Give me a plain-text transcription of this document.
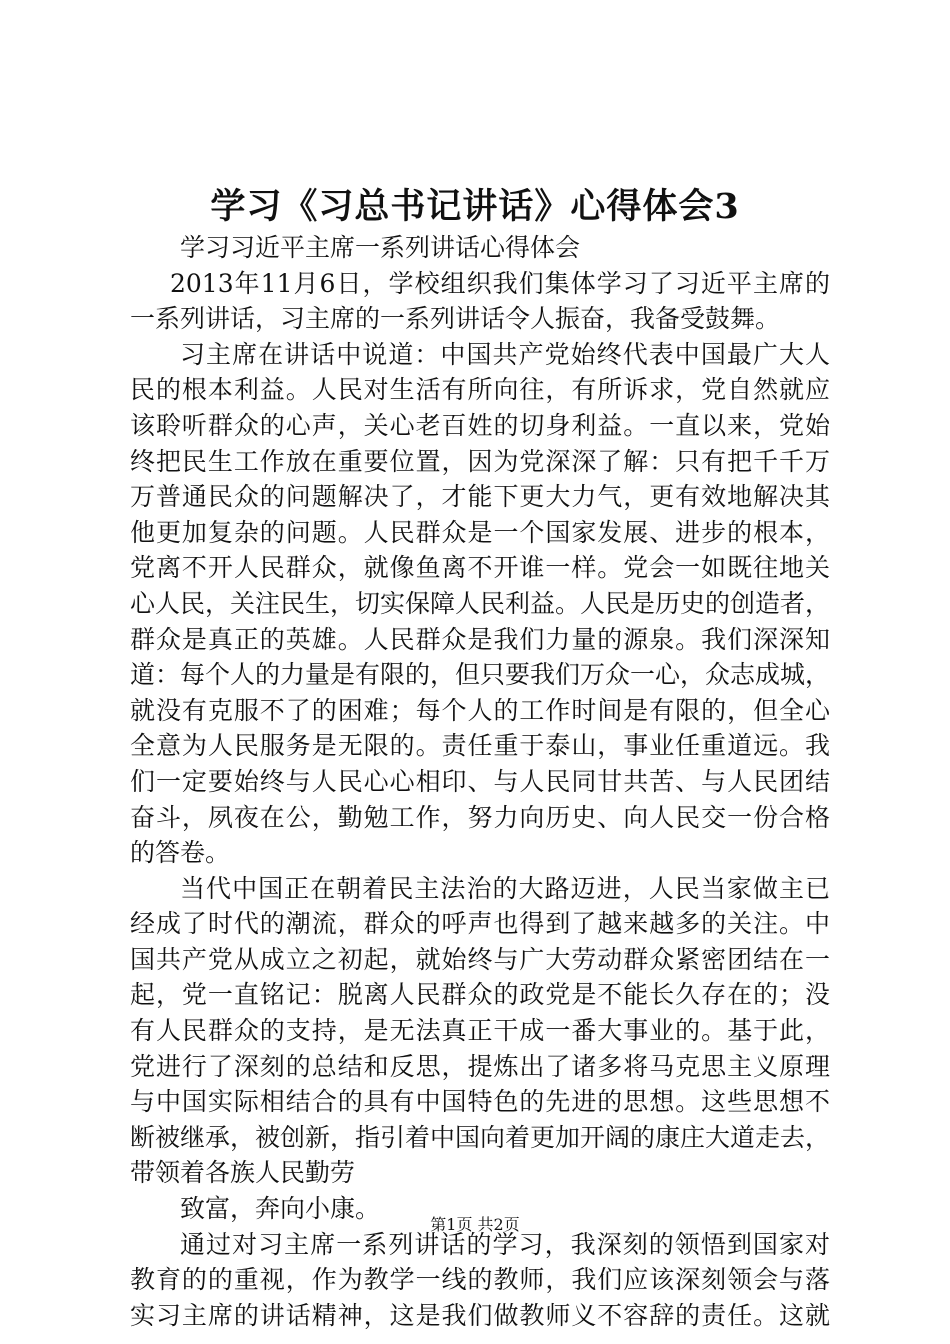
学习《习总书记讲话》心得体会3
学习习近平主席一系列讲话心得体会
2013年11月6日，学校组织我们集体学习了习近平主席的
一系列讲话，习主席的一系列讲话令人振奋，我备受鼓舞。
习主席在讲话中说道：中国共产党始终代表中国最广大人
民的根本利益。人民对生活有所向往，有所诉求，党自然就应
该聆听群众的心声，关心老百姓的切身利益。一直以来，党始
终把民生工作放在重要位置，因为党深深了解：只有把千千万
万普通民众的问题解决了，才能下更大力气，更有效地解决其
他更加复杂的问题。人民群众是一个国家发展、进步的根本，
党离不开人民群众，就像鱼离不开谁一样。党会一如既往地关
心人民，关注民生，切实保障人民利益。人民是历史的创造者，
群众是真正的英雄。人民群众是我们力量的源泉。我们深深知
道：每个人的力量是有限的，但只要我们万众一心，众志成城，
就没有克服不了的困难；每个人的工作时间是有限的，但全心
全意为人民服务是无限的。责任重于泰山，事业任重道远。我
们一定要始终与人民心心相印、与人民同甘共苦、与人民团结
奋斗，夙夜在公，勤勉工作，努力向历史、向人民交一份合格
的答卷。
当代中国正在朝着民主法治的大路迈进，人民当家做主已
经成了时代的潮流，群众的呼声也得到了越来越多的关注。中
国共产党从成立之初起，就始终与广大劳动群众紧密团结在一
起，党一直铭记：脱离人民群众的政党是不能长久存在的；没
有人民群众的支持，是无法真正干成一番大事业的。基于此，
党进行了深刻的总结和反思，提炼出了诸多将马克思主义原理
与中国实际相结合的具有中国特色的先进的思想。这些思想不
断被继承，被创新，指引着中国向着更加开阔的康庄大道走去，
带领着各族人民勤劳
致富，奔向小康。
通过对习主席一系列讲话的学习，我深刻的领悟到国家对
教育的的重视，作为教学一线的教师，我们应该深刻领会与落
实习主席的讲话精神，这是我们做教师义不容辞的责任。这就
第1页 共2页
